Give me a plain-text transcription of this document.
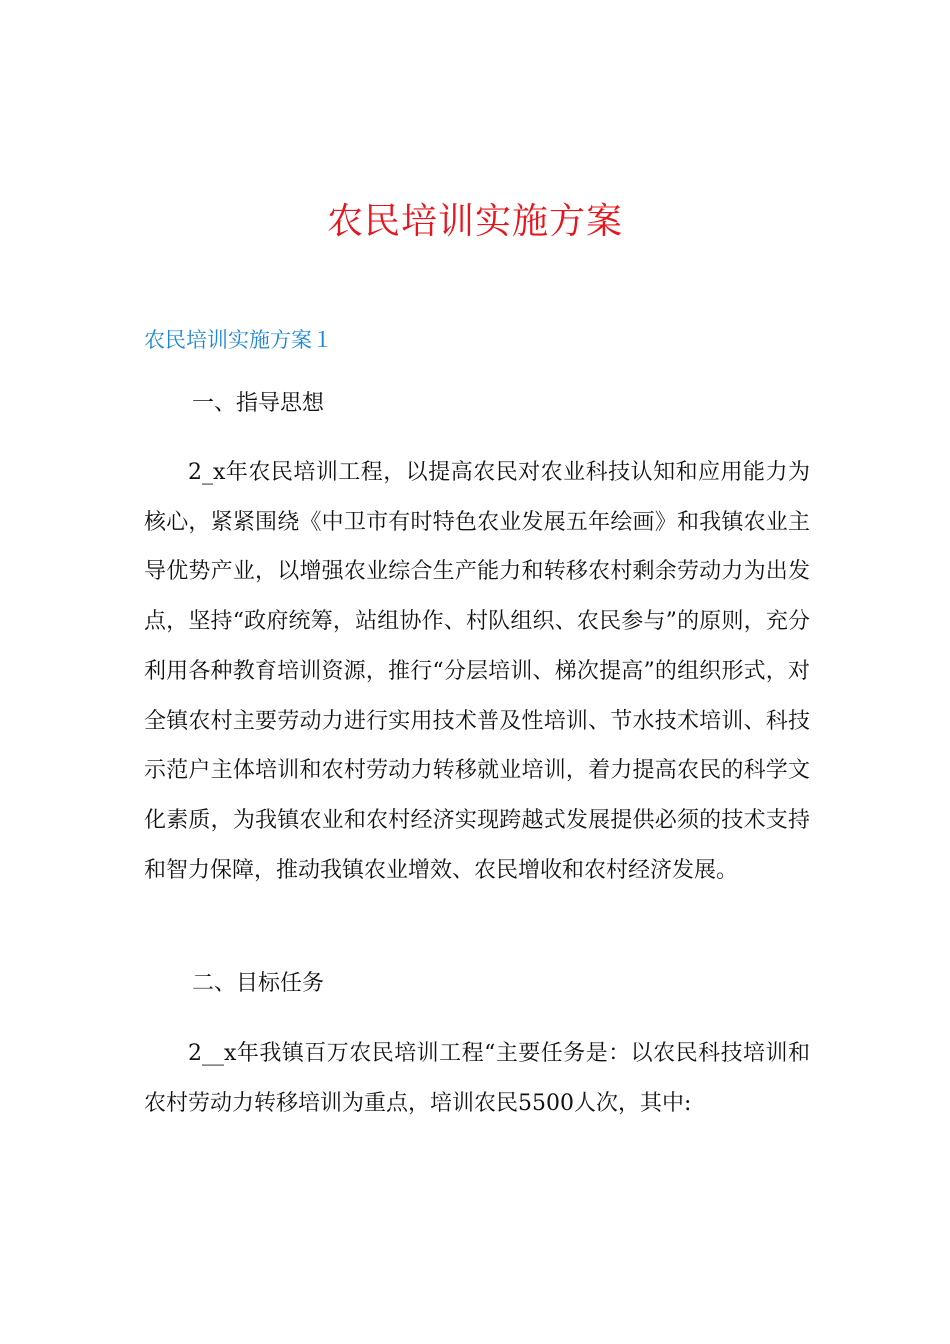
农民培训实施方案
农民培训实施方案１
一、指导思想

2_x年农民培训工程，以提高农民对农业科技认知和应用能力为核心，紧紧围绕《中卫市有时特色农业发展五年绘画》和我镇农业主导优势产业，以增强农业综合生产能力和转移农村剩余劳动力为出发点，坚持“政府统筹，站组协作、村队组织、农民参与”的原则，充分利用各种教育培训资源，推行“分层培训、梯次提高”的组织形式，对全镇农村主要劳动力进行实用技术普及性培训、节水技术培训、科技示范户主体培训和农村劳动力转移就业培训，着力提高农民的科学文化素质，为我镇农业和农村经济实现跨越式发展提供必须的技术支持和智力保障，推动我镇农业增效、农民增收和农村经济发展。

二、目标任务

2__x年我镇百万农民培训工程“主要任务是：以农民科技培训和农村劳动力转移培训为重点，培训农民5500人次，其中:
